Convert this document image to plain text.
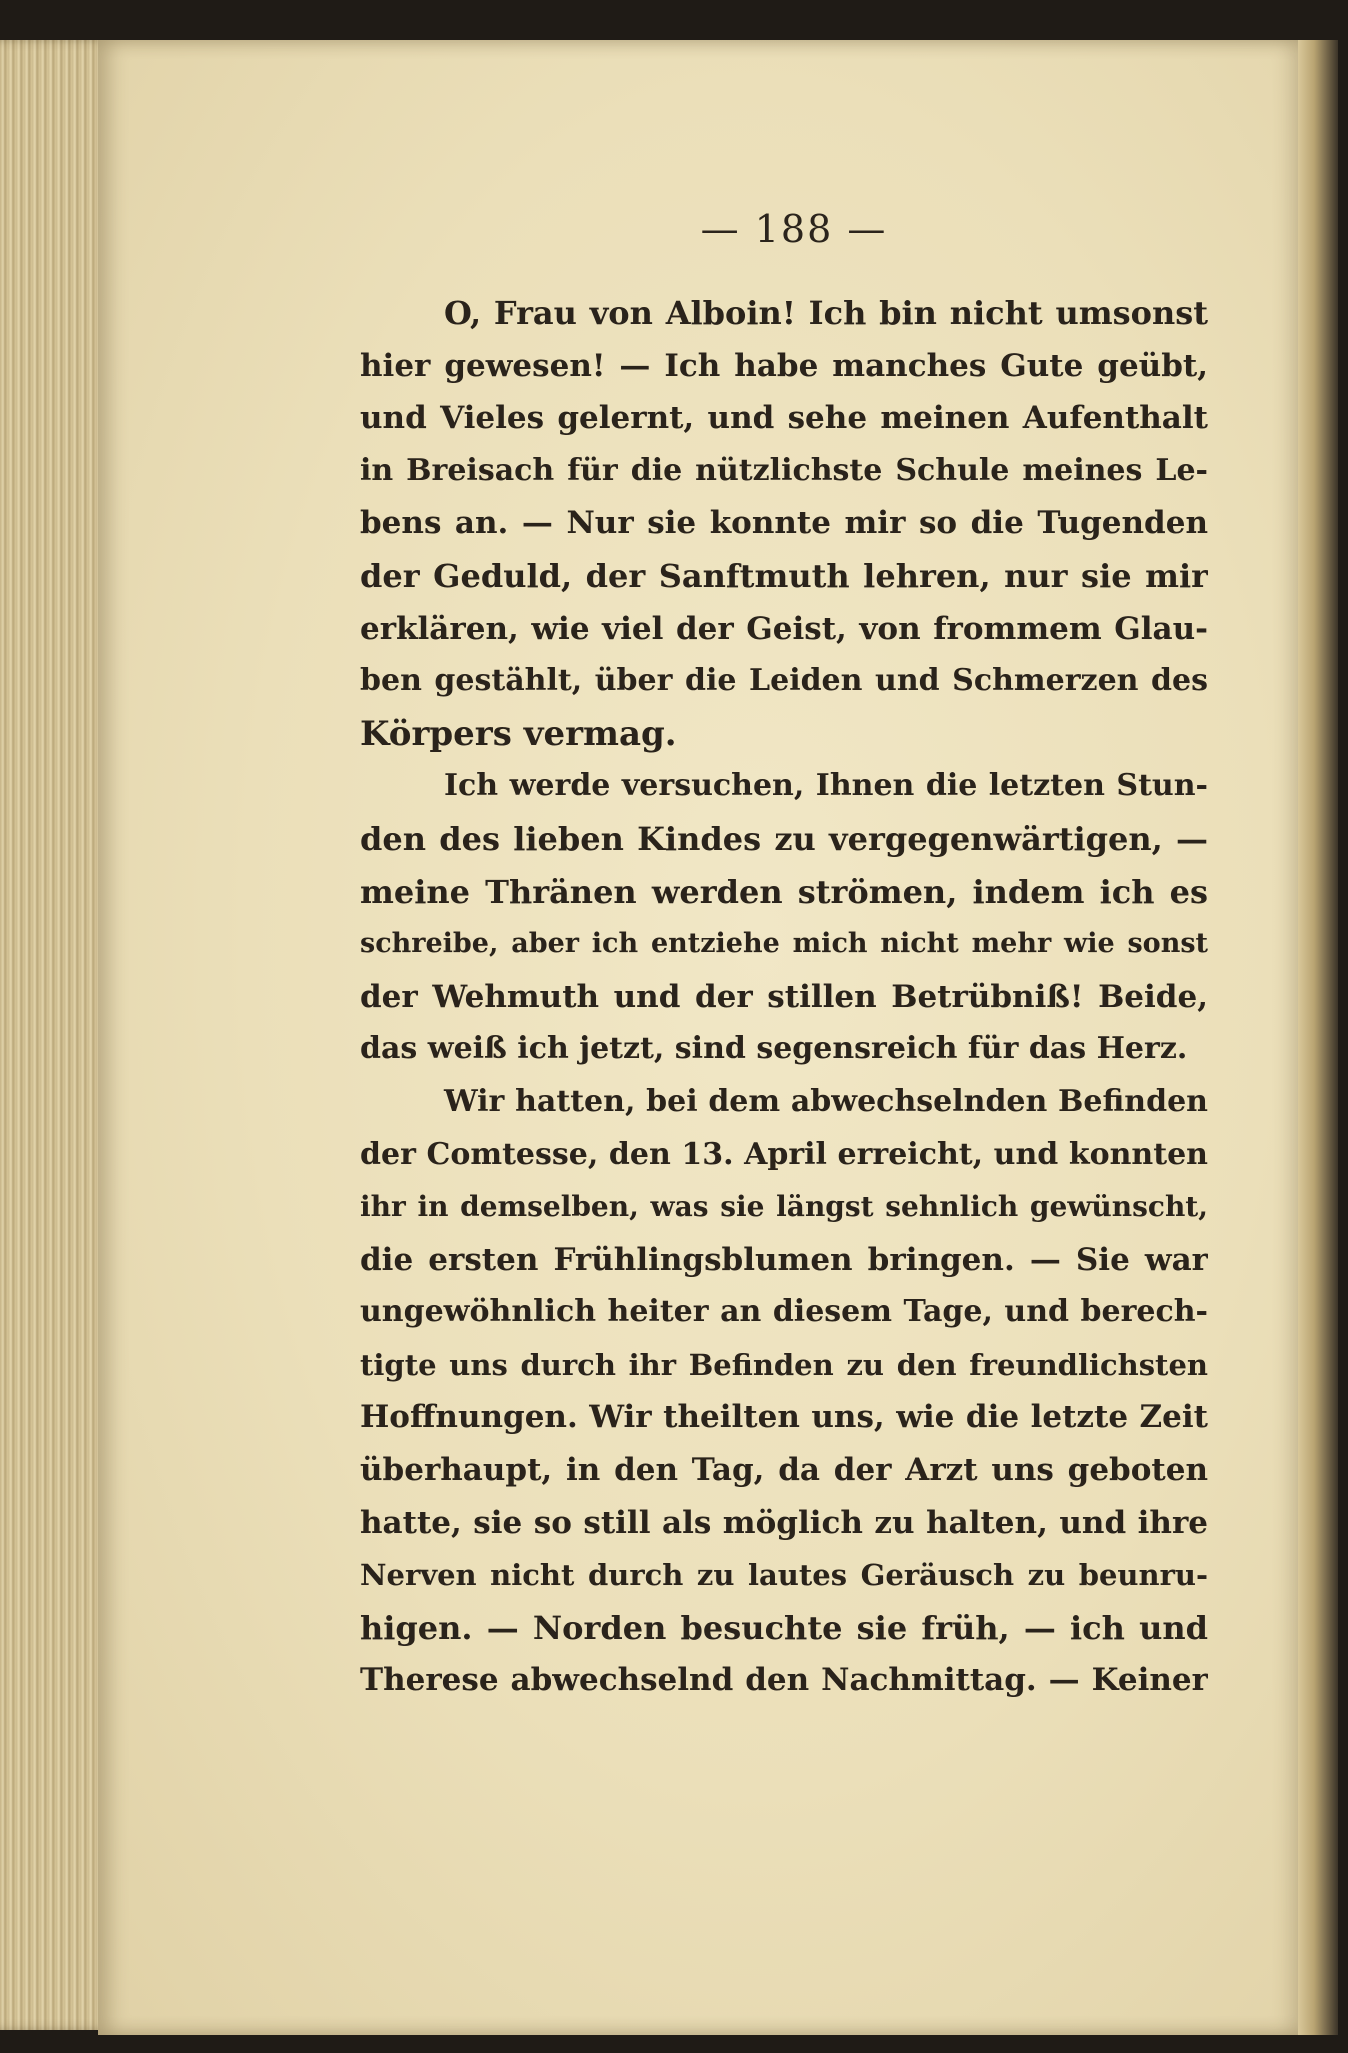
— 188 —
O, Frau von Alboin! Ich bin nicht umsonst
hier gewesen! — Ich habe manches Gute geübt,
und Vieles gelernt, und sehe meinen Aufenthalt
in Breisach für die nützlichste Schule meines Le-
bens an. — Nur sie konnte mir so die Tugenden
der Geduld, der Sanftmuth lehren, nur sie mir
erklären, wie viel der Geist, von frommem Glau-
ben gestählt, über die Leiden und Schmerzen des
Körpers vermag.
Ich werde versuchen, Ihnen die letzten Stun-
den des lieben Kindes zu vergegenwärtigen, —
meine Thränen werden strömen, indem ich es
schreibe, aber ich entziehe mich nicht mehr wie sonst
der Wehmuth und der stillen Betrübniß! Beide,
das weiß ich jetzt, sind segensreich für das Herz.
Wir hatten, bei dem abwechselnden Befinden
der Comtesse, den 13. April erreicht, und konnten
ihr in demselben, was sie längst sehnlich gewünscht,
die ersten Frühlingsblumen bringen. — Sie war
ungewöhnlich heiter an diesem Tage, und berech-
tigte uns durch ihr Befinden zu den freundlichsten
Hoffnungen. Wir theilten uns, wie die letzte Zeit
überhaupt, in den Tag, da der Arzt uns geboten
hatte, sie so still als möglich zu halten, und ihre
Nerven nicht durch zu lautes Geräusch zu beunru-
higen. — Norden besuchte sie früh, — ich und
Therese abwechselnd den Nachmittag. — Keiner
